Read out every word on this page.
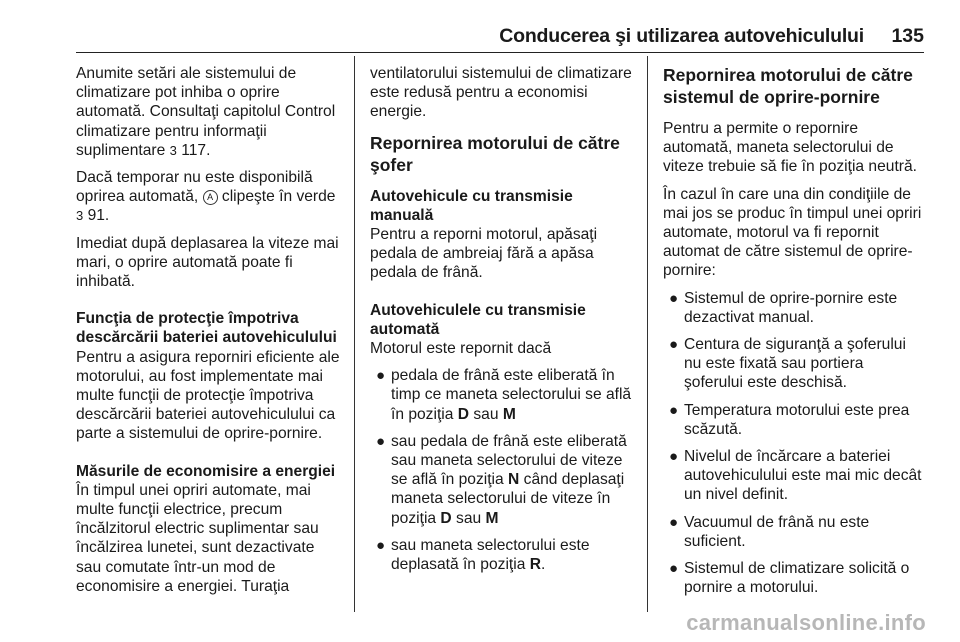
Conducerea şi utilizarea autovehiculului	135

Anumite setări ale sistemului de climatizare pot inhiba o oprire automată. Consultaţi capitolul Control climatizare pentru informaţii suplimentare 3 117.

Dacă temporar nu este disponibilă oprirea automată, A clipeşte în verde 3 91.

Imediat după deplasarea la viteze mai mari, o oprire automată poate fi inhibată.

Funcţia de protecţie împotriva descărcării bateriei autovehiculului

Pentru a asigura reporniri eficiente ale motorului, au fost implementate mai multe funcţii de protecţie împotriva descărcării bateriei autovehiculului ca parte a sistemului de oprire-pornire.

Măsurile de economisire a energiei

În timpul unei opriri automate, mai multe funcţii electrice, precum încălzitorul electric suplimentar sau încălzirea lunetei, sunt dezactivate sau comutate într-un mod de economisire a energiei. Turaţia

ventilatorului sistemului de climatizare este redusă pentru a economisi energie.

Repornirea motorului de către şofer
Autovehicule cu transmisie manuală

Pentru a reporni motorul, apăsaţi pedala de ambreiaj fără a apăsa pedala de frână.

Autovehiculele cu transmisie automată

Motorul este repornit dacă

● pedala de frână este eliberată în timp ce maneta selectorului se află în poziţia D sau M
● sau pedala de frână este eliberată sau maneta selectorului de viteze se află în poziţia N când deplasaţi maneta selectorului de viteze în poziţia D sau M
● sau maneta selectorului este deplasată în poziţia R.
Repornirea motorului de către sistemul de oprire-pornire

Pentru a permite o repornire automată, maneta selectorului de viteze trebuie să fie în poziţia neutră.

În cazul în care una din condiţiile de mai jos se produc în timpul unei opriri automate, motorul va fi repornit automat de către sistemul de oprire-pornire:

● Sistemul de oprire-pornire este dezactivat manual.
● Centura de siguranţă a şoferului nu este fixată sau portiera şoferului este deschisă.
● Temperatura motorului este prea scăzută.
● Nivelul de încărcare a bateriei autovehiculului este mai mic decât un nivel definit.
● Vacuumul de frână nu este suficient.
● Sistemul de climatizare solicită o pornire a motorului.
carmanualsonline.info
